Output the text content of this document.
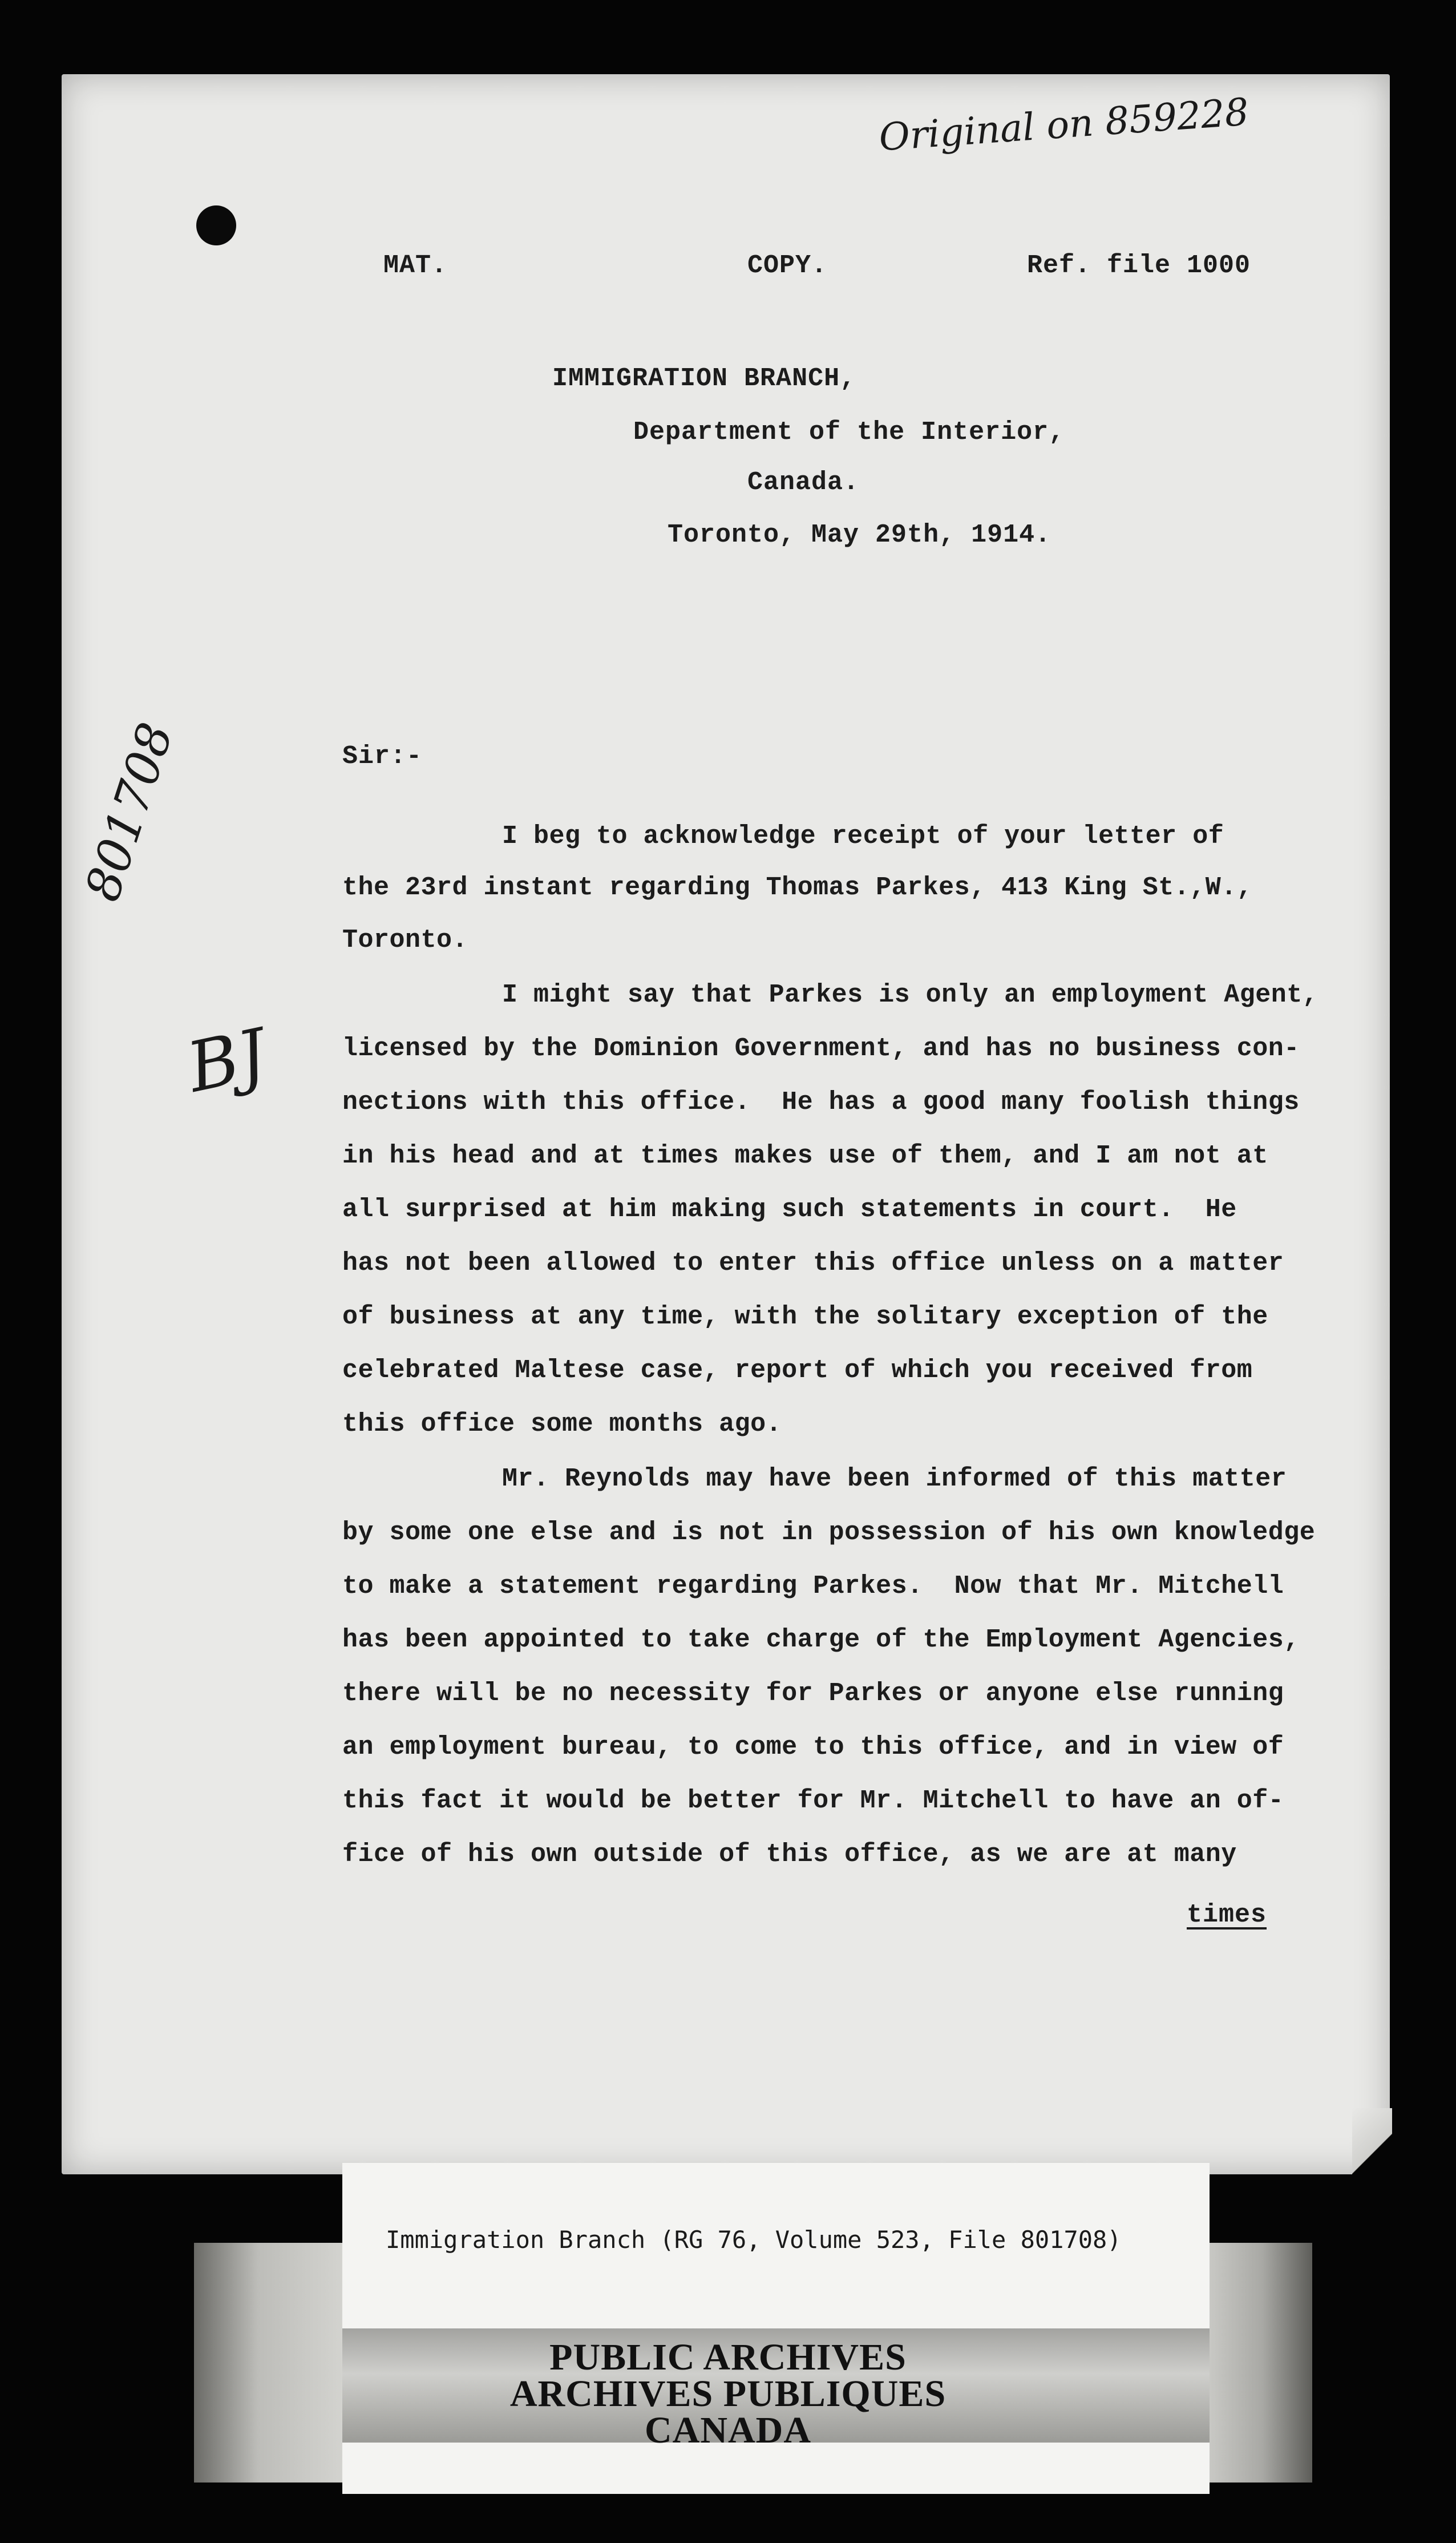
Original on 859228
MAT.	COPY.	Ref. file 1000
IMMIGRATION BRANCH,
Department of the Interior,
Canada.
Toronto, May 29th, 1914.
Sir:-
801708
BJ
I beg to acknowledge receipt of your letter of
the 23rd instant regarding Thomas Parkes, 413 King St.,W.,
Toronto.
I might say that Parkes is only an employment Agent,
licensed by the Dominion Government, and has no business con-
nections with this office.  He has a good many foolish things
in his head and at times makes use of them, and I am not at
all surprised at him making such statements in court.  He
has not been allowed to enter this office unless on a matter
of business at any time, with the solitary exception of the
celebrated Maltese case, report of which you received from
this office some months ago.
Mr. Reynolds may have been informed of this matter
by some one else and is not in possession of his own knowledge
to make a statement regarding Parkes.  Now that Mr. Mitchell
has been appointed to take charge of the Employment Agencies,
there will be no necessity for Parkes or anyone else running
an employment bureau, to come to this office, and in view of
this fact it would be better for Mr. Mitchell to have an of-
fice of his own outside of this office, as we are at many
times
Immigration Branch (RG 76, Volume 523, File 801708)
PUBLIC ARCHIVES
ARCHIVES PUBLIQUES
CANADA
